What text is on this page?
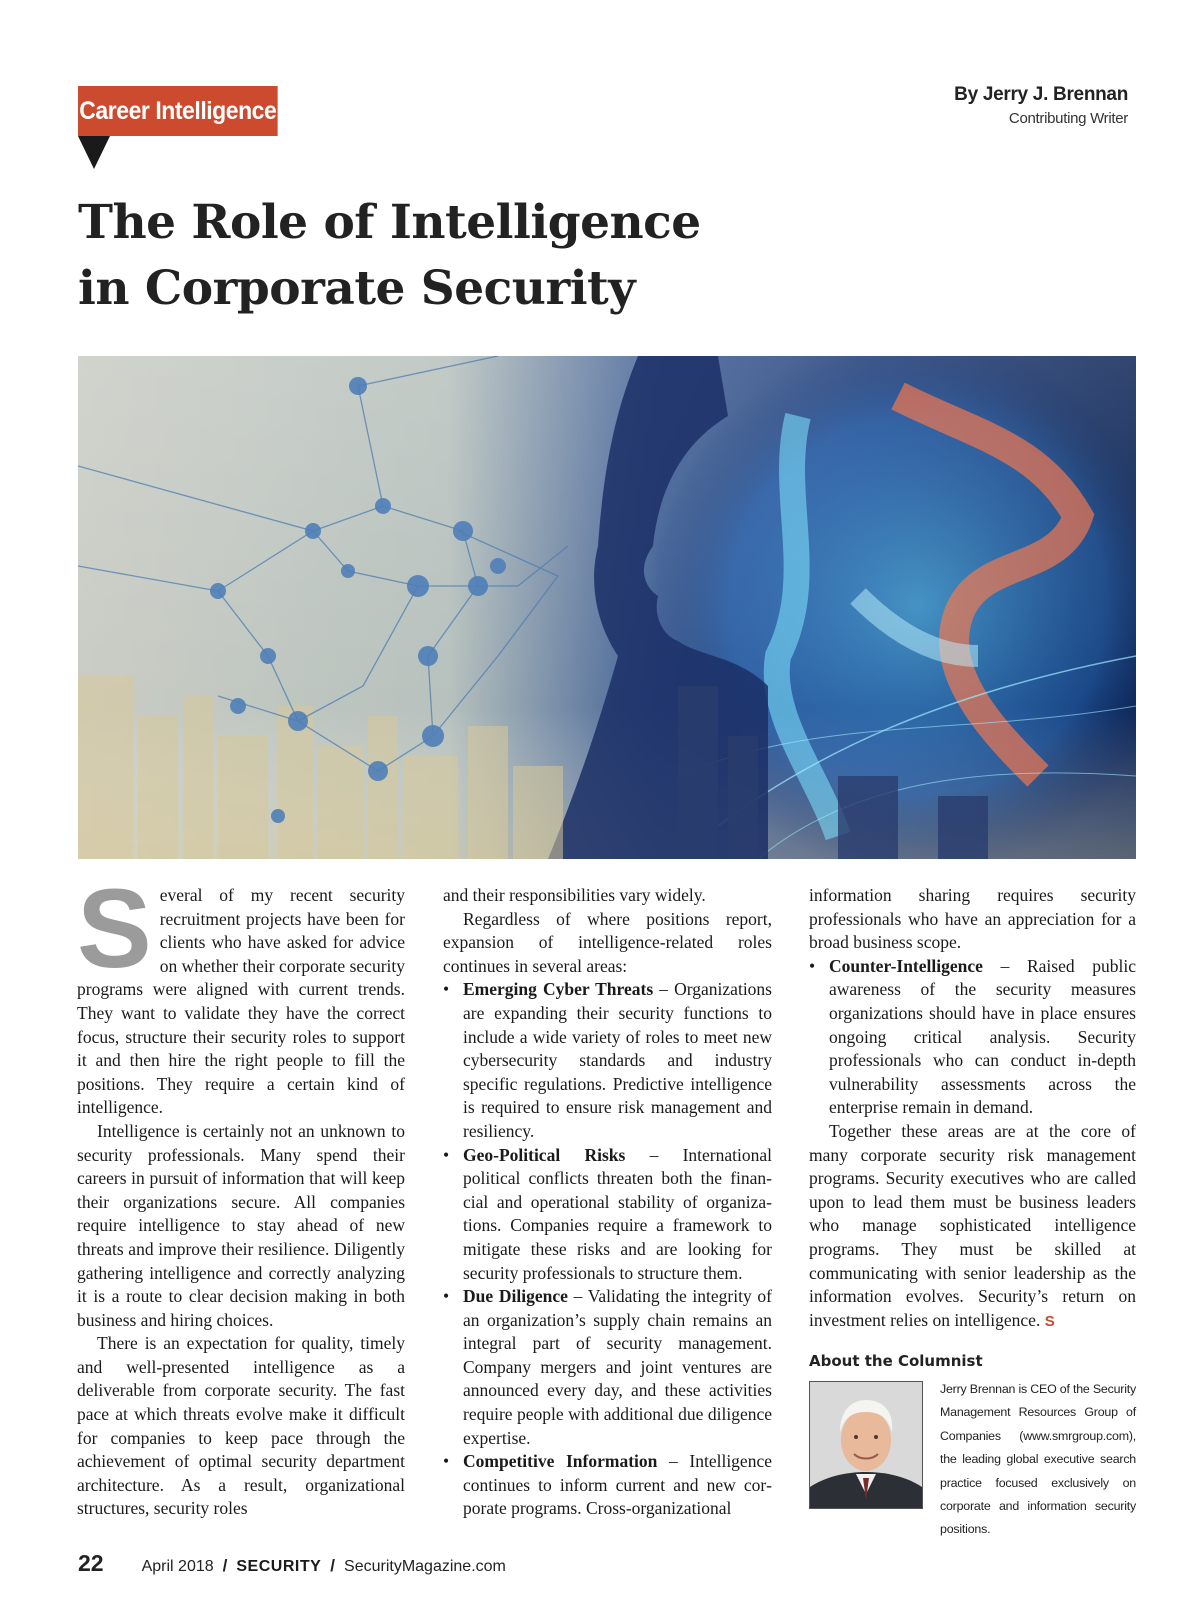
Career Intelligence
By Jerry J. Brennan
Contributing Writer
The Role of Intelligence
in Corporate Security
S everal of my recent security recruitment projects have been for clients who have asked for advice on whether their corporate security programs were aligned with current trends. They want to validate they have the correct focus, structure their security roles to support it and then hire the right people to fill the positions. They require a certain kind of intelligence.

Intelligence is certainly not an unknown to security professionals. Many spend their careers in pursuit of information that will keep their organizations secure. All companies require intelligence to stay ahead of new threats and improve their resilience. Diligently gathering intelligence and correctly analyzing it is a route to clear decision making in both business and hiring choices.

There is an expectation for quality, timely and well-presented intelligence as a deliverable from corporate security. The fast pace at which threats evolve make it difficult for companies to keep pace through the achievement of optimal security department architecture. As a result, organizational structures, security roles

and their responsibilities vary widely.

Regardless of where positions report, expansion of intelligence-related roles continues in several areas:

• Emerging Cyber Threats – Organizations are expanding their security functions to include a wide variety of roles to meet new cybersecurity standards and industry specific regulations. Predictive intelligence is required to ensure risk management and resiliency.
• Geo-Political Risks – International political conflicts threaten both the financial and operational stability of organizations. Companies require a framework to mitigate these risks and are looking for security professionals to structure them.
• Due Diligence – Validating the integrity of an organization’s supply chain remains an integral part of security management. Company mergers and joint ventures are announced every day, and these activities require people with additional due diligence expertise.
• Competitive Information – Intelligence continues to inform current and new corporate programs. Cross-organizational

information sharing requires security professionals who have an appreciation for a broad business scope.

• Counter-Intelligence – Raised public awareness of the security measures organizations should have in place ensures ongoing critical analysis. Security professionals who can conduct in-depth vulnerability assessments across the enterprise remain in demand.

Together these areas are at the core of many corporate security risk management programs. Security executives who are called upon to lead them must be business leaders who manage sophisticated intelligence programs. They must be skilled at communicating with senior leadership as the information evolves. Security’s return on investment relies on intelligence. S

About the Columnist
Jerry Brennan is CEO of the Security Management Resources Group of Companies (www.smrgroup.com), the leading global executive search practice focused exclusively on corporate and information security positions.
22 April 2018 / SECURITY / SecurityMagazine.com
